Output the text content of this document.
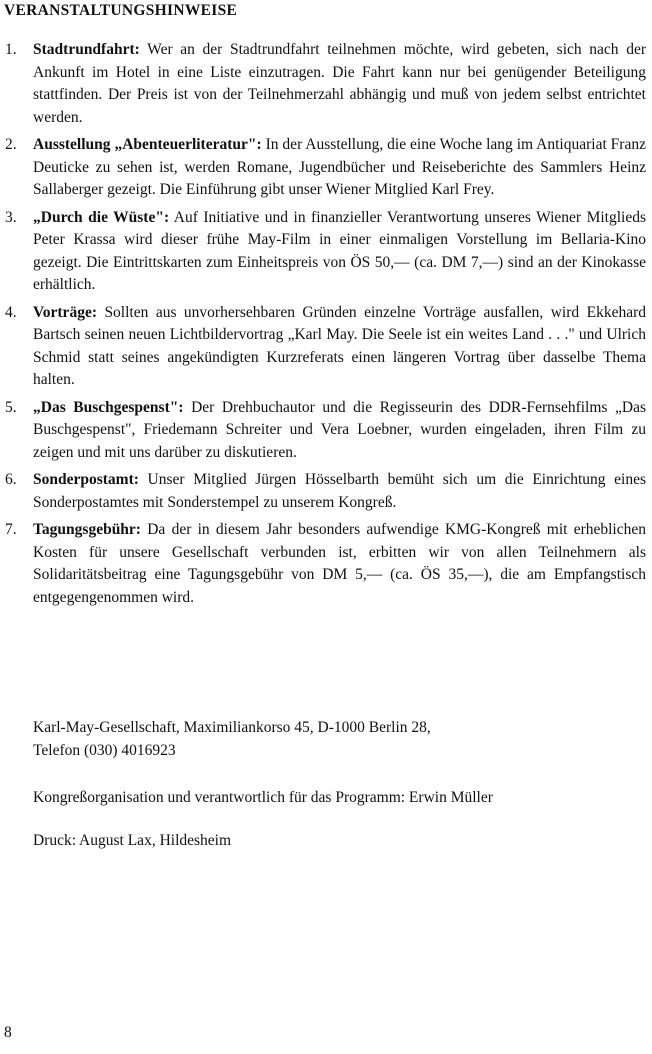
VERANSTALTUNGSHINWEISE
1. Stadtrundfahrt: Wer an der Stadtrundfahrt teilnehmen möchte, wird gebeten, sich nach der Ankunft im Hotel in eine Liste einzutragen. Die Fahrt kann nur bei genügender Beteiligung stattfinden. Der Preis ist von der Teilnehmerzahl abhängig und muß von jedem selbst entrichtet werden.
2. Ausstellung „Abenteuerliteratur": In der Ausstellung, die eine Woche lang im Antiquariat Franz Deuticke zu sehen ist, werden Romane, Jugendbücher und Reiseberichte des Sammlers Heinz Sallaberger gezeigt. Die Einführung gibt unser Wiener Mitglied Karl Frey.
3. „Durch die Wüste": Auf Initiative und in finanzieller Verantwortung unseres Wiener Mitglieds Peter Krassa wird dieser frühe May-Film in einer einmaligen Vorstellung im Bellaria-Kino gezeigt. Die Eintrittskarten zum Einheitspreis von ÖS 50,— (ca. DM 7,—) sind an der Kinokasse erhältlich.
4. Vorträge: Sollten aus unvorhersehbaren Gründen einzelne Vorträge ausfallen, wird Ekkehard Bartsch seinen neuen Lichtbildervortrag „Karl May. Die Seele ist ein weites Land . . ." und Ulrich Schmid statt seines angekündigten Kurzreferats einen längeren Vortrag über dasselbe Thema halten.
5. „Das Buschgespenst": Der Drehbuchautor und die Regisseurin des DDR-Fernsehfilms „Das Buschgespenst", Friedemann Schreiter und Vera Loebner, wurden eingeladen, ihren Film zu zeigen und mit uns darüber zu diskutieren.
6. Sonderpostamt: Unser Mitglied Jürgen Hösselbarth bemüht sich um die Einrichtung eines Sonderpostamtes mit Sonderstempel zu unserem Kongreß.
7. Tagungsgebühr: Da der in diesem Jahr besonders aufwendige KMG-Kongreß mit erheblichen Kosten für unsere Gesellschaft verbunden ist, erbitten wir von allen Teilnehmern als Solidaritätsbeitrag eine Tagungsgebühr von DM 5,— (ca. ÖS 35,—), die am Empfangstisch entgegengenommen wird.
Karl-May-Gesellschaft, Maximiliankorso 45, D-1000 Berlin 28,
Telefon (030) 4016923
Kongreßorganisation und verantwortlich für das Programm: Erwin Müller
Druck: August Lax, Hildesheim
8
